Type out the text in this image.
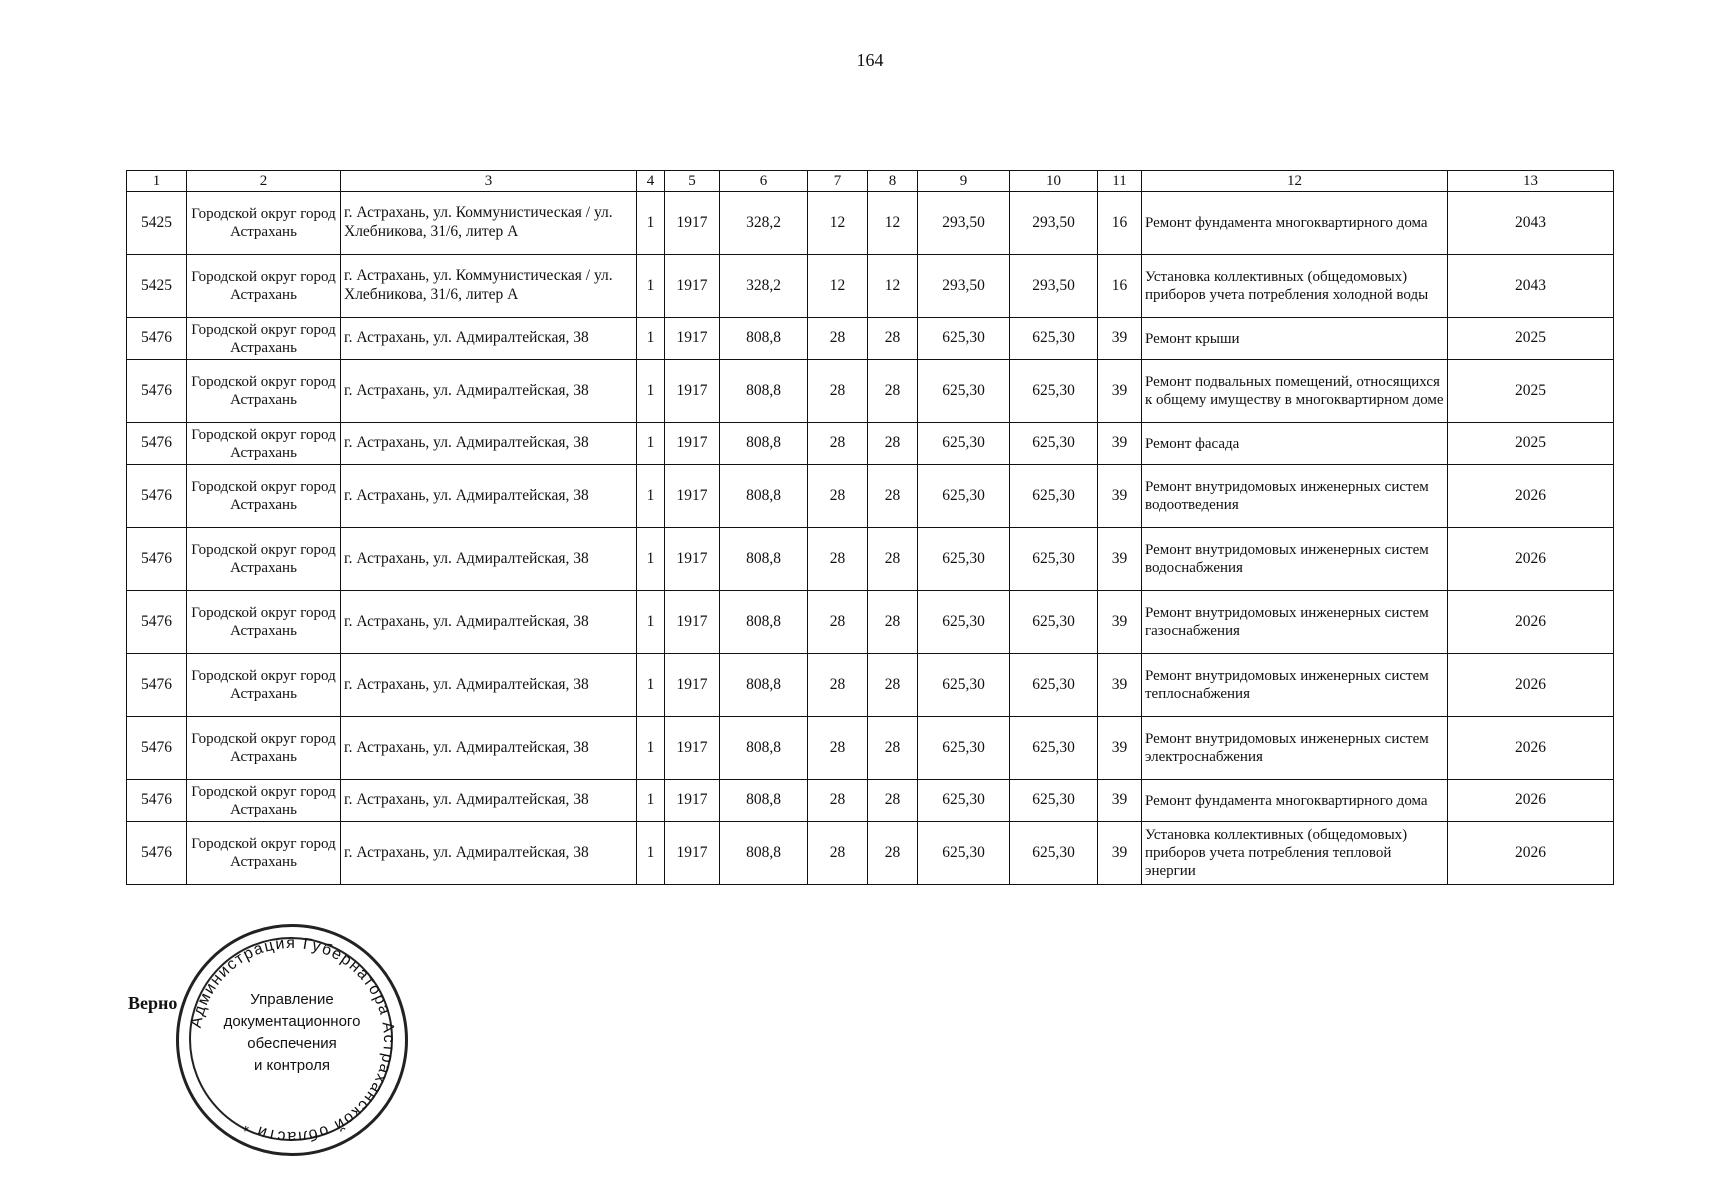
164
1	2	3	4	5	6	7	8	9	10	11	12	13
5425	Городской округ город Астрахань	г. Астрахань, ул. Коммунистическая / ул. Хлебникова, 31/6, литер А	1	1917	328,2	12	12	293,50	293,50	16	Ремонт фундамента многоквартирного дома	2043
5425	Городской округ город Астрахань	г. Астрахань, ул. Коммунистическая / ул. Хлебникова, 31/6, литер А	1	1917	328,2	12	12	293,50	293,50	16	Установка коллективных (общедомовых) приборов учета потребления холодной воды	2043
5476	Городской округ город Астрахань	г. Астрахань, ул. Адмиралтейская, 38	1	1917	808,8	28	28	625,30	625,30	39	Ремонт крыши	2025
5476	Городской округ город Астрахань	г. Астрахань, ул. Адмиралтейская, 38	1	1917	808,8	28	28	625,30	625,30	39	Ремонт подвальных помещений, относящихся к общему имуществу в многоквартирном доме	2025
5476	Городской округ город Астрахань	г. Астрахань, ул. Адмиралтейская, 38	1	1917	808,8	28	28	625,30	625,30	39	Ремонт фасада	2025
5476	Городской округ город Астрахань	г. Астрахань, ул. Адмиралтейская, 38	1	1917	808,8	28	28	625,30	625,30	39	Ремонт внутридомовых инженерных систем водоотведения	2026
5476	Городской округ город Астрахань	г. Астрахань, ул. Адмиралтейская, 38	1	1917	808,8	28	28	625,30	625,30	39	Ремонт внутридомовых инженерных систем водоснабжения	2026
5476	Городской округ город Астрахань	г. Астрахань, ул. Адмиралтейская, 38	1	1917	808,8	28	28	625,30	625,30	39	Ремонт внутридомовых инженерных систем газоснабжения	2026
5476	Городской округ город Астрахань	г. Астрахань, ул. Адмиралтейская, 38	1	1917	808,8	28	28	625,30	625,30	39	Ремонт внутридомовых инженерных систем теплоснабжения	2026
5476	Городской округ город Астрахань	г. Астрахань, ул. Адмиралтейская, 38	1	1917	808,8	28	28	625,30	625,30	39	Ремонт внутридомовых инженерных систем электроснабжения	2026
5476	Городской округ город Астрахань	г. Астрахань, ул. Адмиралтейская, 38	1	1917	808,8	28	28	625,30	625,30	39	Ремонт фундамента многоквартирного дома	2026
5476	Городской округ город Астрахань	г. Астрахань, ул. Адмиралтейская, 38	1	1917	808,8	28	28	625,30	625,30	39	Установка коллективных (общедомовых) приборов учета потребления тепловой энергии	2026
Верно
Администрация Губернатора Астраханской области *
Управление
документационного
обеспечения
и контроля
